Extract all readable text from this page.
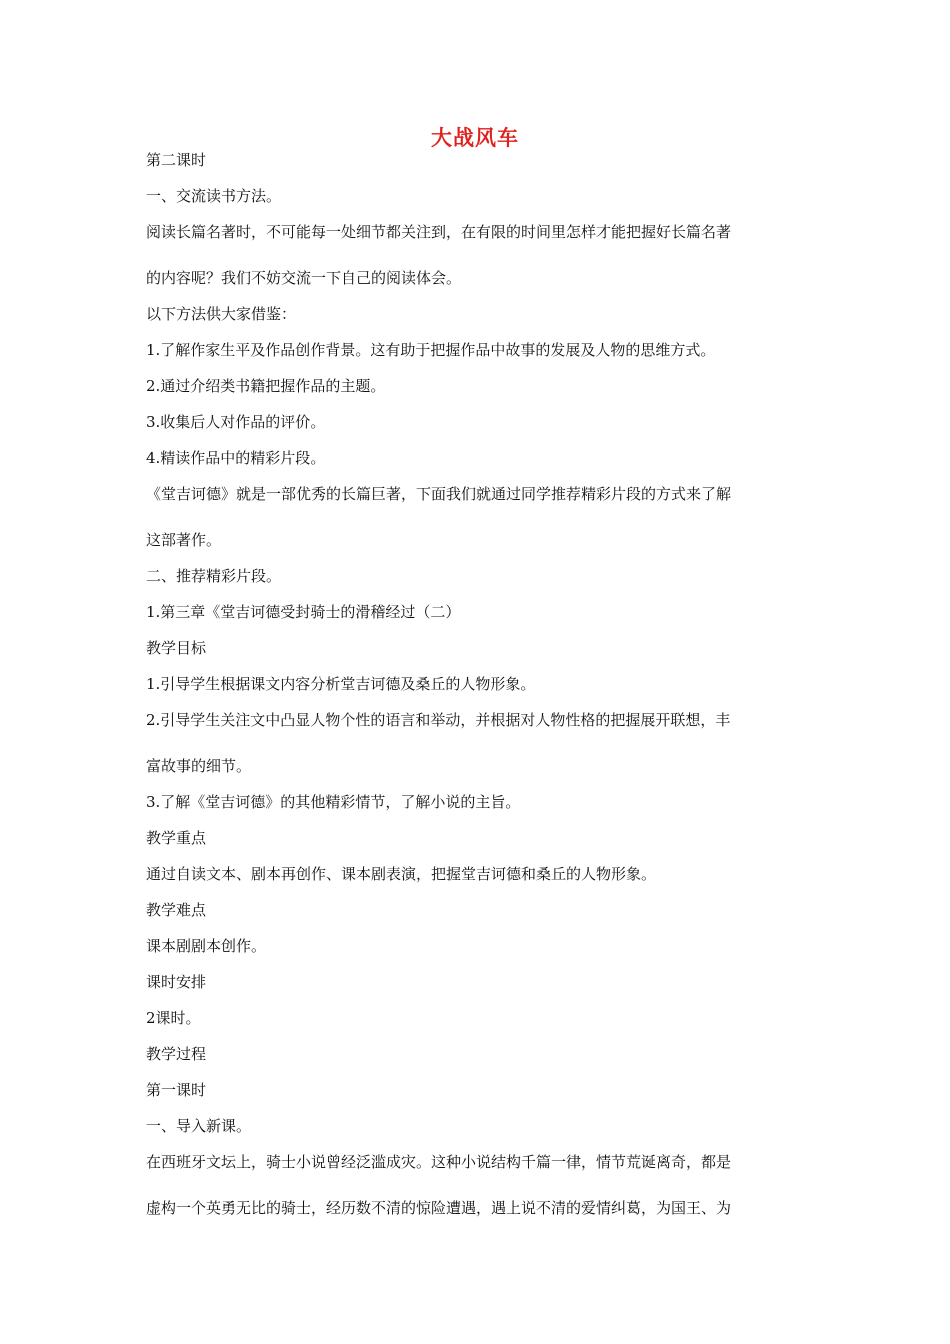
大战风车

第二课时

一、交流读书方法。

阅读长篇名著时，不可能每一处细节都关注到，在有限的时间里怎样才能把握好长篇名著

的内容呢？我们不妨交流一下自己的阅读体会。

以下方法供大家借鉴：

1.了解作家生平及作品创作背景。这有助于把握作品中故事的发展及人物的思维方式。

2.通过介绍类书籍把握作品的主题。

3.收集后人对作品的评价。

4.精读作品中的精彩片段。

《堂吉诃德》就是一部优秀的长篇巨著，下面我们就通过同学推荐精彩片段的方式来了解

这部著作。

二、推荐精彩片段。

1.第三章《堂吉诃德受封骑士的滑稽经过（二）

教学目标

1.引导学生根据课文内容分析堂吉诃德及桑丘的人物形象。

2.引导学生关注文中凸显人物个性的语言和举动，并根据对人物性格的把握展开联想，丰

富故事的细节。

3.了解《堂吉诃德》的其他精彩情节，了解小说的主旨。

教学重点

通过自读文本、剧本再创作、课本剧表演，把握堂吉诃德和桑丘的人物形象。

教学难点

课本剧剧本创作。

课时安排

2课时。

教学过程

第一课时

一、导入新课。

在西班牙文坛上，骑士小说曾经泛滥成灾。这种小说结构千篇一律，情节荒诞离奇，都是

虚构一个英勇无比的骑士，经历数不清的惊险遭遇，遇上说不清的爱情纠葛，为国王、为
